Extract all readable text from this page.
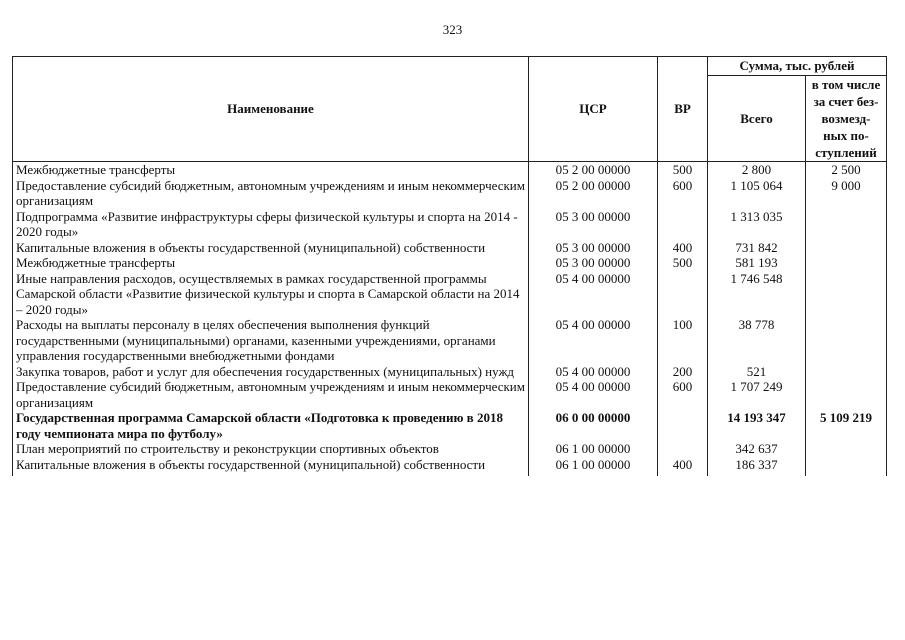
323
Наименование	ЦСР	ВР	Сумма, тыс. рублей	
			Всего	в том числе
за счет без-
возмезд-
ных по-
ступлений

Межбюджетные трансферты	05 2 00 00000	500	2 800	2 500
Предоставление субсидий бюджетным, автономным учреждениям и иным некоммерческим организациям	05 2 00 00000	600	1 105 064	9 000
Подпрограмма «Развитие инфраструктуры сферы физической культуры и спорта на 2014 - 2020 годы»	05 3 00 00000		1 313 035	
Капитальные вложения в объекты государственной (муниципальной) собственности	05 3 00 00000	400	731 842	
Межбюджетные трансферты	05 3 00 00000	500	581 193	
Иные направления расходов, осуществляемых в рамках государственной программы Самарской области «Развитие физической культуры и спорта в Самарской области на 2014 – 2020 годы»	05 4 00 00000		1 746 548	
Расходы на выплаты персоналу в целях обеспечения выполнения функций государственными (муниципальными) органами, казенными учреждениями, органами управления государственными внебюджетными фондами	05 4 00 00000	100	38 778	
Закупка товаров, работ и услуг для обеспечения государственных (муниципальных) нужд	05 4 00 00000	200	521	
Предоставление субсидий бюджетным, автономным учреждениям и иным некоммерческим организациям	05 4 00 00000	600	1 707 249	
Государственная программа Самарской области «Подготовка к проведению в 2018 году чемпионата мира по футболу»	06 0 00 00000		14 193 347	5 109 219
План мероприятий по строительству и реконструкции спортивных объектов	06 1 00 00000		342 637	
Капитальные вложения в объекты государственной (муниципальной) собственности	06 1 00 00000	400	186 337	
